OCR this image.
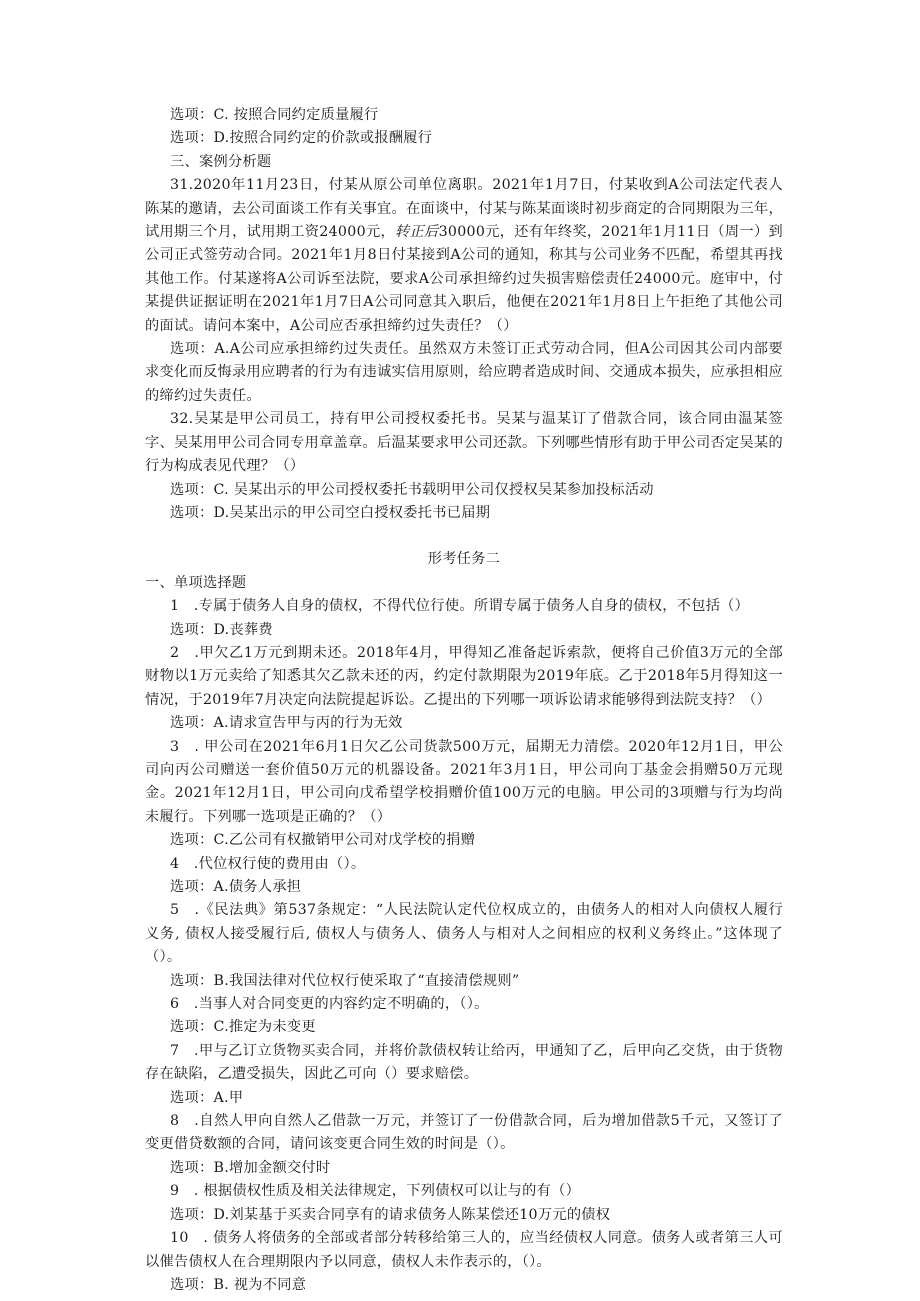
选项：C. 按照合同约定质量履行

选项：D.按照合同约定的价款或报酬履行

三、案例分析题

31.2020年11月23日，付某从原公司单位离职。2021年1月7日，付某收到A公司法定代表人陈某的邀请，去公司面谈工作有关事宜。在面谈中，付某与陈某面谈时初步商定的合同期限为三年，试用期三个月，试用期工资24000元，转正后30000元，还有年终奖，2021年1月11日（周一）到公司正式签劳动合同。2021年1月8日付某接到A公司的通知，称其与公司业务不匹配，希望其再找其他工作。付某遂将A公司诉至法院，要求A公司承担缔约过失损害赔偿责任24000元。庭审中，付某提供证据证明在2021年1月7日A公司同意其入职后，他便在2021年1月8日上午拒绝了其他公司的面试。请问本案中，A公司应否承担缔约过失责任？（）

选项：A.A公司应承担缔约过失责任。虽然双方未签订正式劳动合同，但A公司因其公司内部要求变化而反悔录用应聘者的行为有违诚实信用原则，给应聘者造成时间、交通成本损失，应承担相应的缔约过失责任。

32.吴某是甲公司员工，持有甲公司授权委托书。吴某与温某订了借款合同，该合同由温某签字、吴某用甲公司合同专用章盖章。后温某要求甲公司还款。下列哪些情形有助于甲公司否定吴某的行为构成表见代理？（）

选项：C. 吴某出示的甲公司授权委托书载明甲公司仅授权吴某参加投标活动

选项：D.吴某出示的甲公司空白授权委托书已届期

形考任务二

一、单项选择题

1　.专属于债务人自身的债权，不得代位行使。所谓专属于债务人自身的债权，不包括（）

选项：D.丧葬费

2　.甲欠乙1万元到期未还。2018年4月，甲得知乙准备起诉索款，便将自己价值3万元的全部财物以1万元卖给了知悉其欠乙款未还的丙，约定付款期限为2019年底。乙于2018年5月得知这一情况，于2019年7月决定向法院提起诉讼。乙提出的下列哪一项诉讼请求能够得到法院支持？（）

选项：A.请求宣告甲与丙的行为无效

3　. 甲公司在2021年6月1日欠乙公司货款500万元，届期无力清偿。2020年12月1日，甲公司向丙公司赠送一套价值50万元的机器设备。2021年3月1日，甲公司向丁基金会捐赠50万元现金。2021年12月1日，甲公司向戊希望学校捐赠价值100万元的电脑。甲公司的3项赠与行为均尚未履行。下列哪一选项是正确的？（）

选项：C.乙公司有权撤销甲公司对戊学校的捐赠

4　.代位权行使的费用由（）。

选项：A.债务人承担

5　.《民法典》第537条规定：“人民法院认定代位权成立的，由债务人的相对人向债权人履行义务, 债权人接受履行后, 债权人与债务人、债务人与相对人之间相应的权利义务终止。”这体现了（）。

选项：B.我国法律对代位权行使采取了“直接清偿规则”

6　.当事人对合同变更的内容约定不明确的，（）。

选项：C.推定为未变更

7　.甲与乙订立货物买卖合同，并将价款债权转让给丙，甲通知了乙，后甲向乙交货，由于货物存在缺陷，乙遭受损失，因此乙可向（）要求赔偿。

选项：A.甲

8　.自然人甲向自然人乙借款一万元，并签订了一份借款合同，后为增加借款5千元，又签订了变更借贷数额的合同，请问该变更合同生效的时间是（）。

选项：B.增加金额交付时

9　. 根据债权性质及相关法律规定，下列债权可以让与的有（）

选项：D.刘某基于买卖合同享有的请求债务人陈某偿还10万元的债权

10　. 债务人将债务的全部或者部分转移给第三人的，应当经债权人同意。债务人或者第三人可以催告债权人在合理期限内予以同意，债权人未作表示的，（）。

选项：B. 视为不同意
